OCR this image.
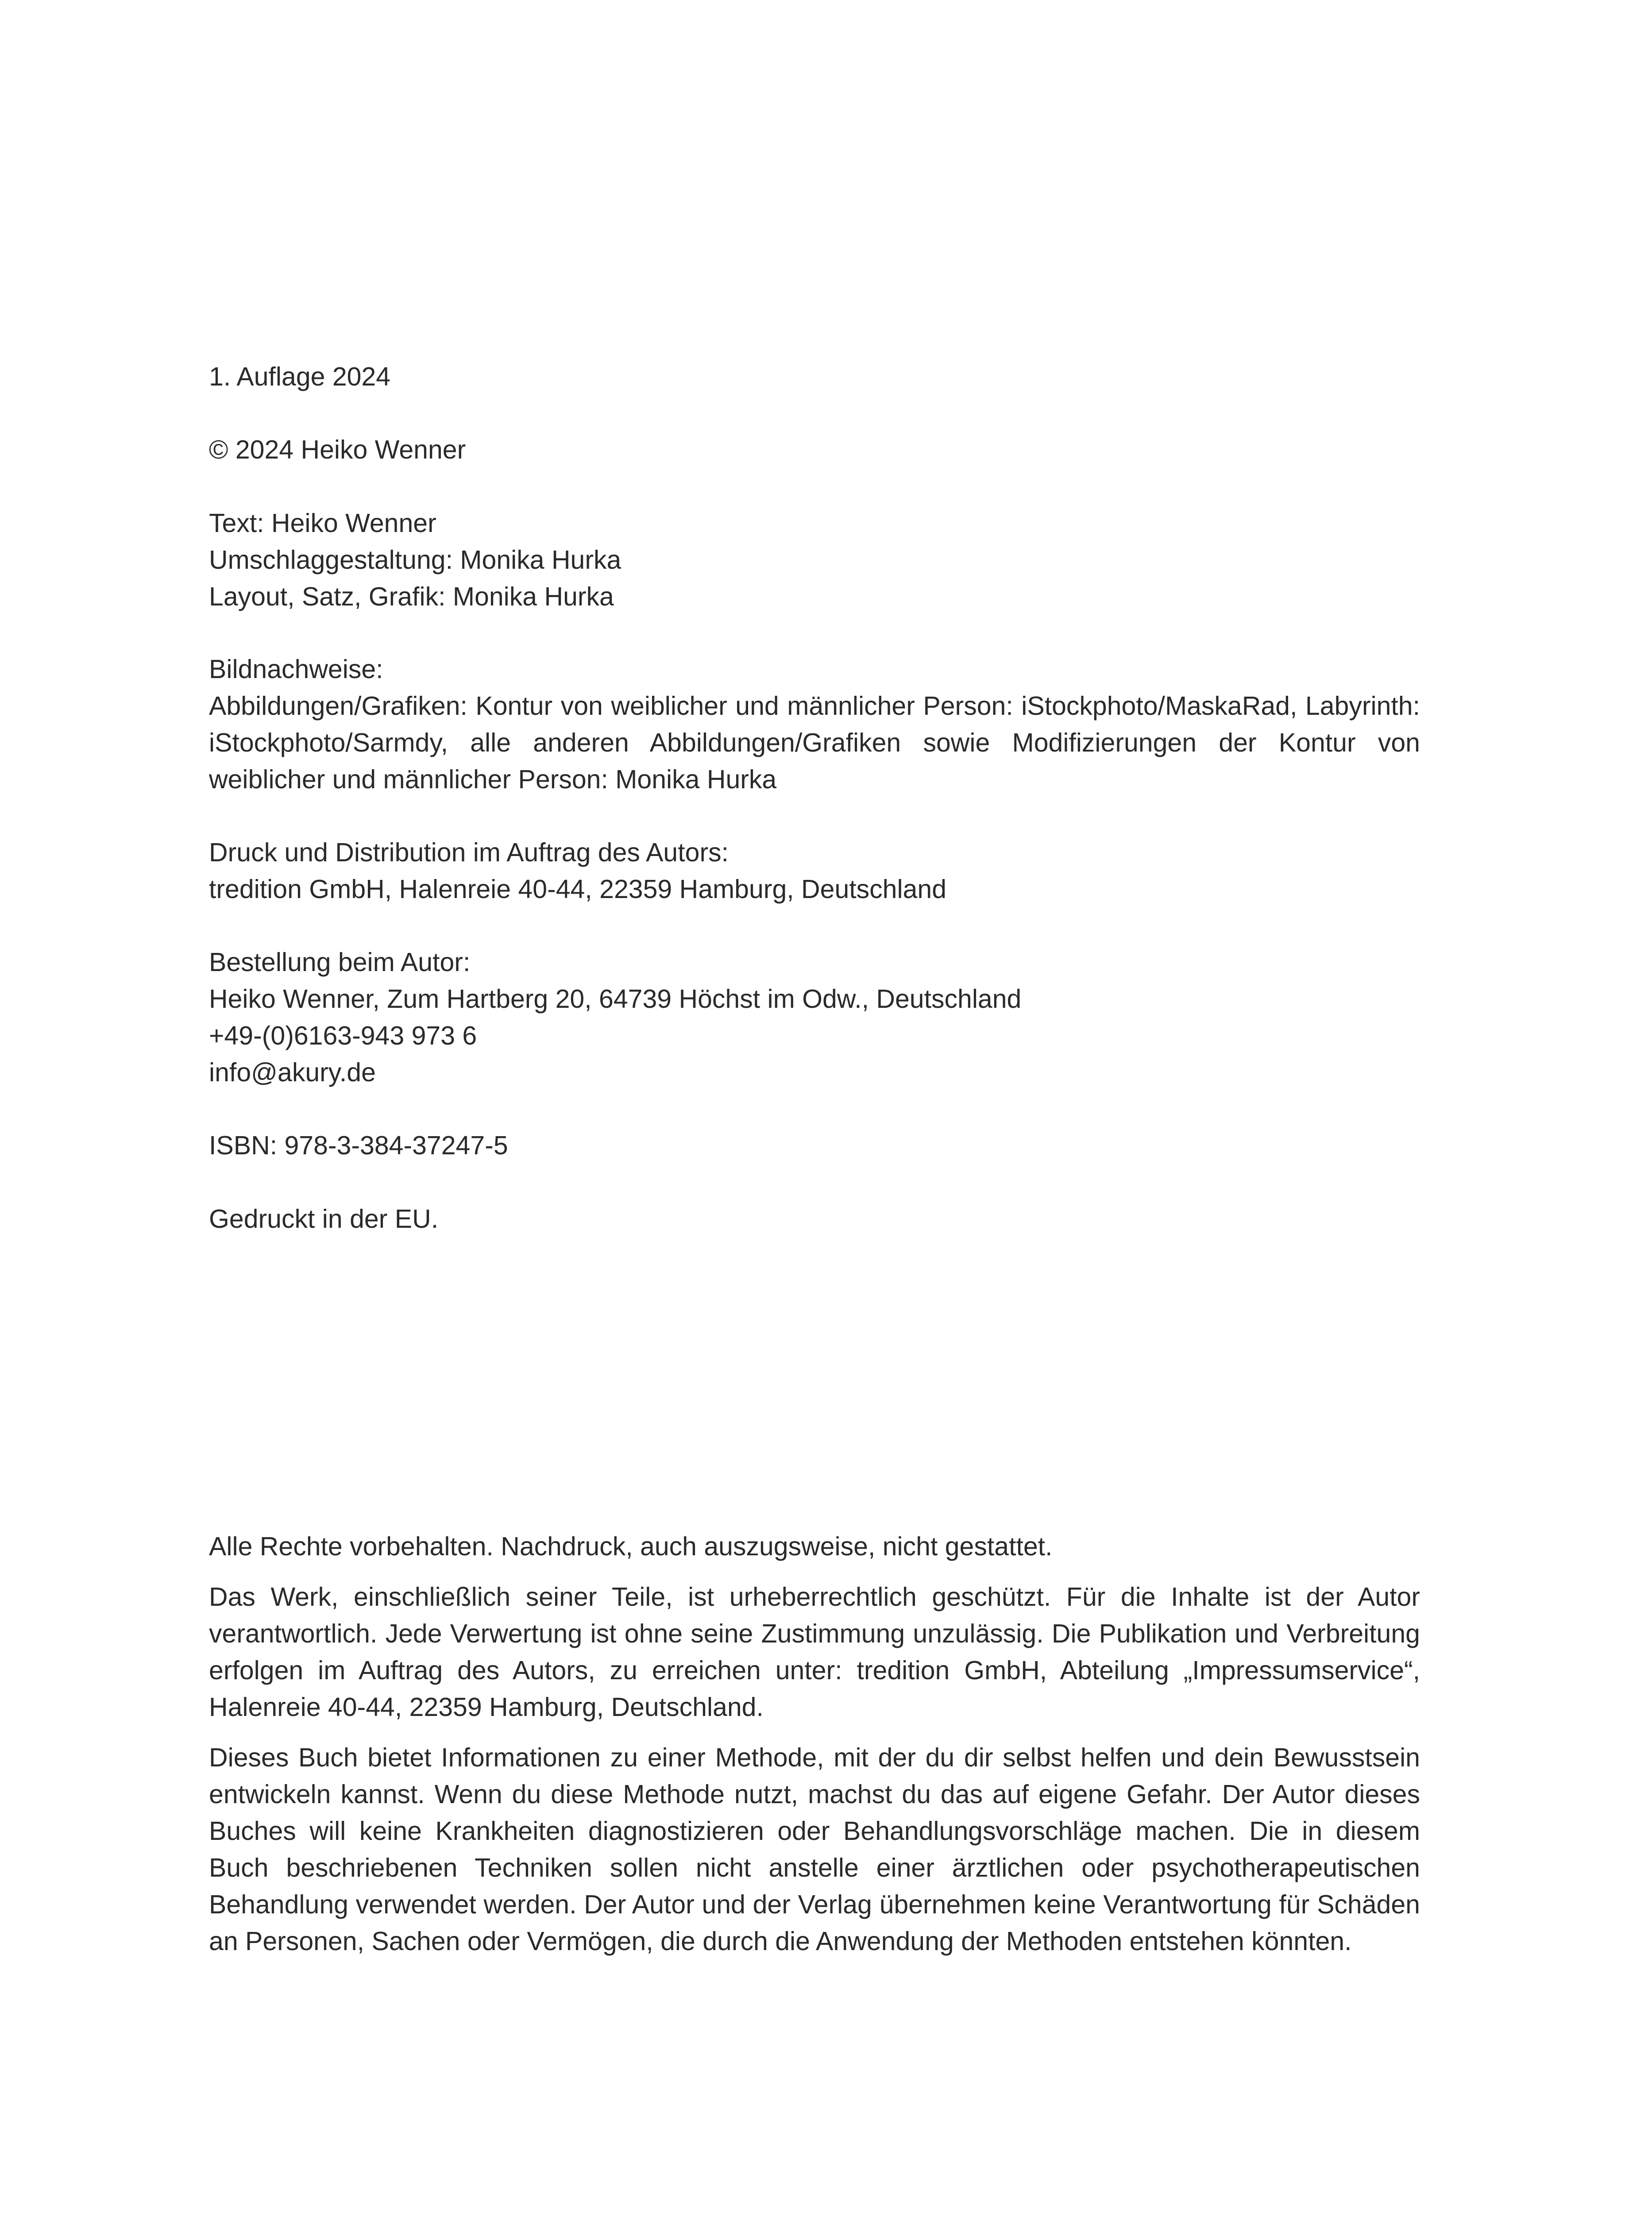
1. Auflage 2024
© 2024 Heiko Wenner
Text: Heiko Wenner
Umschlaggestaltung: Monika Hurka
Layout, Satz, Grafik: Monika Hurka
Bildnachweise:
Abbildungen/Grafiken: Kontur von weiblicher und männlicher Person: iStockphoto/MaskaRad, Labyrinth: iStockphoto/Sarmdy, alle anderen Abbildungen/Grafiken sowie Modifizierungen der Kontur von weiblicher und männlicher Person: Monika Hurka
Druck und Distribution im Auftrag des Autors:
tredition GmbH, Halenreie 40-44, 22359 Hamburg, Deutschland
Bestellung beim Autor:
Heiko Wenner, Zum Hartberg 20, 64739 Höchst im Odw., Deutschland
+49-(0)6163-943 973 6
info@akury.de
ISBN: 978-3-384-37247-5
Gedruckt in der EU.

Alle Rechte vorbehalten. Nachdruck, auch auszugsweise, nicht gestattet.

Das Werk, einschließlich seiner Teile, ist urheberrechtlich geschützt. Für die Inhalte ist der Autor verantwortlich. Jede Verwertung ist ohne seine Zustimmung unzulässig. Die Publikation und Verbreitung erfolgen im Auftrag des Autors, zu erreichen unter: tredition GmbH, Abteilung „Impressumservice“, Halenreie 40-44, 22359 Hamburg, Deutschland.

Dieses Buch bietet Informationen zu einer Methode, mit der du dir selbst helfen und dein Bewusstsein entwickeln kannst. Wenn du diese Methode nutzt, machst du das auf eigene Gefahr. Der Autor dieses Buches will keine Krankheiten diagnostizieren oder Behandlungsvorschläge machen. Die in diesem Buch beschriebenen Techniken sollen nicht anstelle einer ärztlichen oder psychotherapeutischen Behandlung verwendet werden. Der Autor und der Verlag übernehmen keine Verantwortung für Schäden an Personen, Sachen oder Vermögen, die durch die Anwendung der Methoden entstehen könnten.
